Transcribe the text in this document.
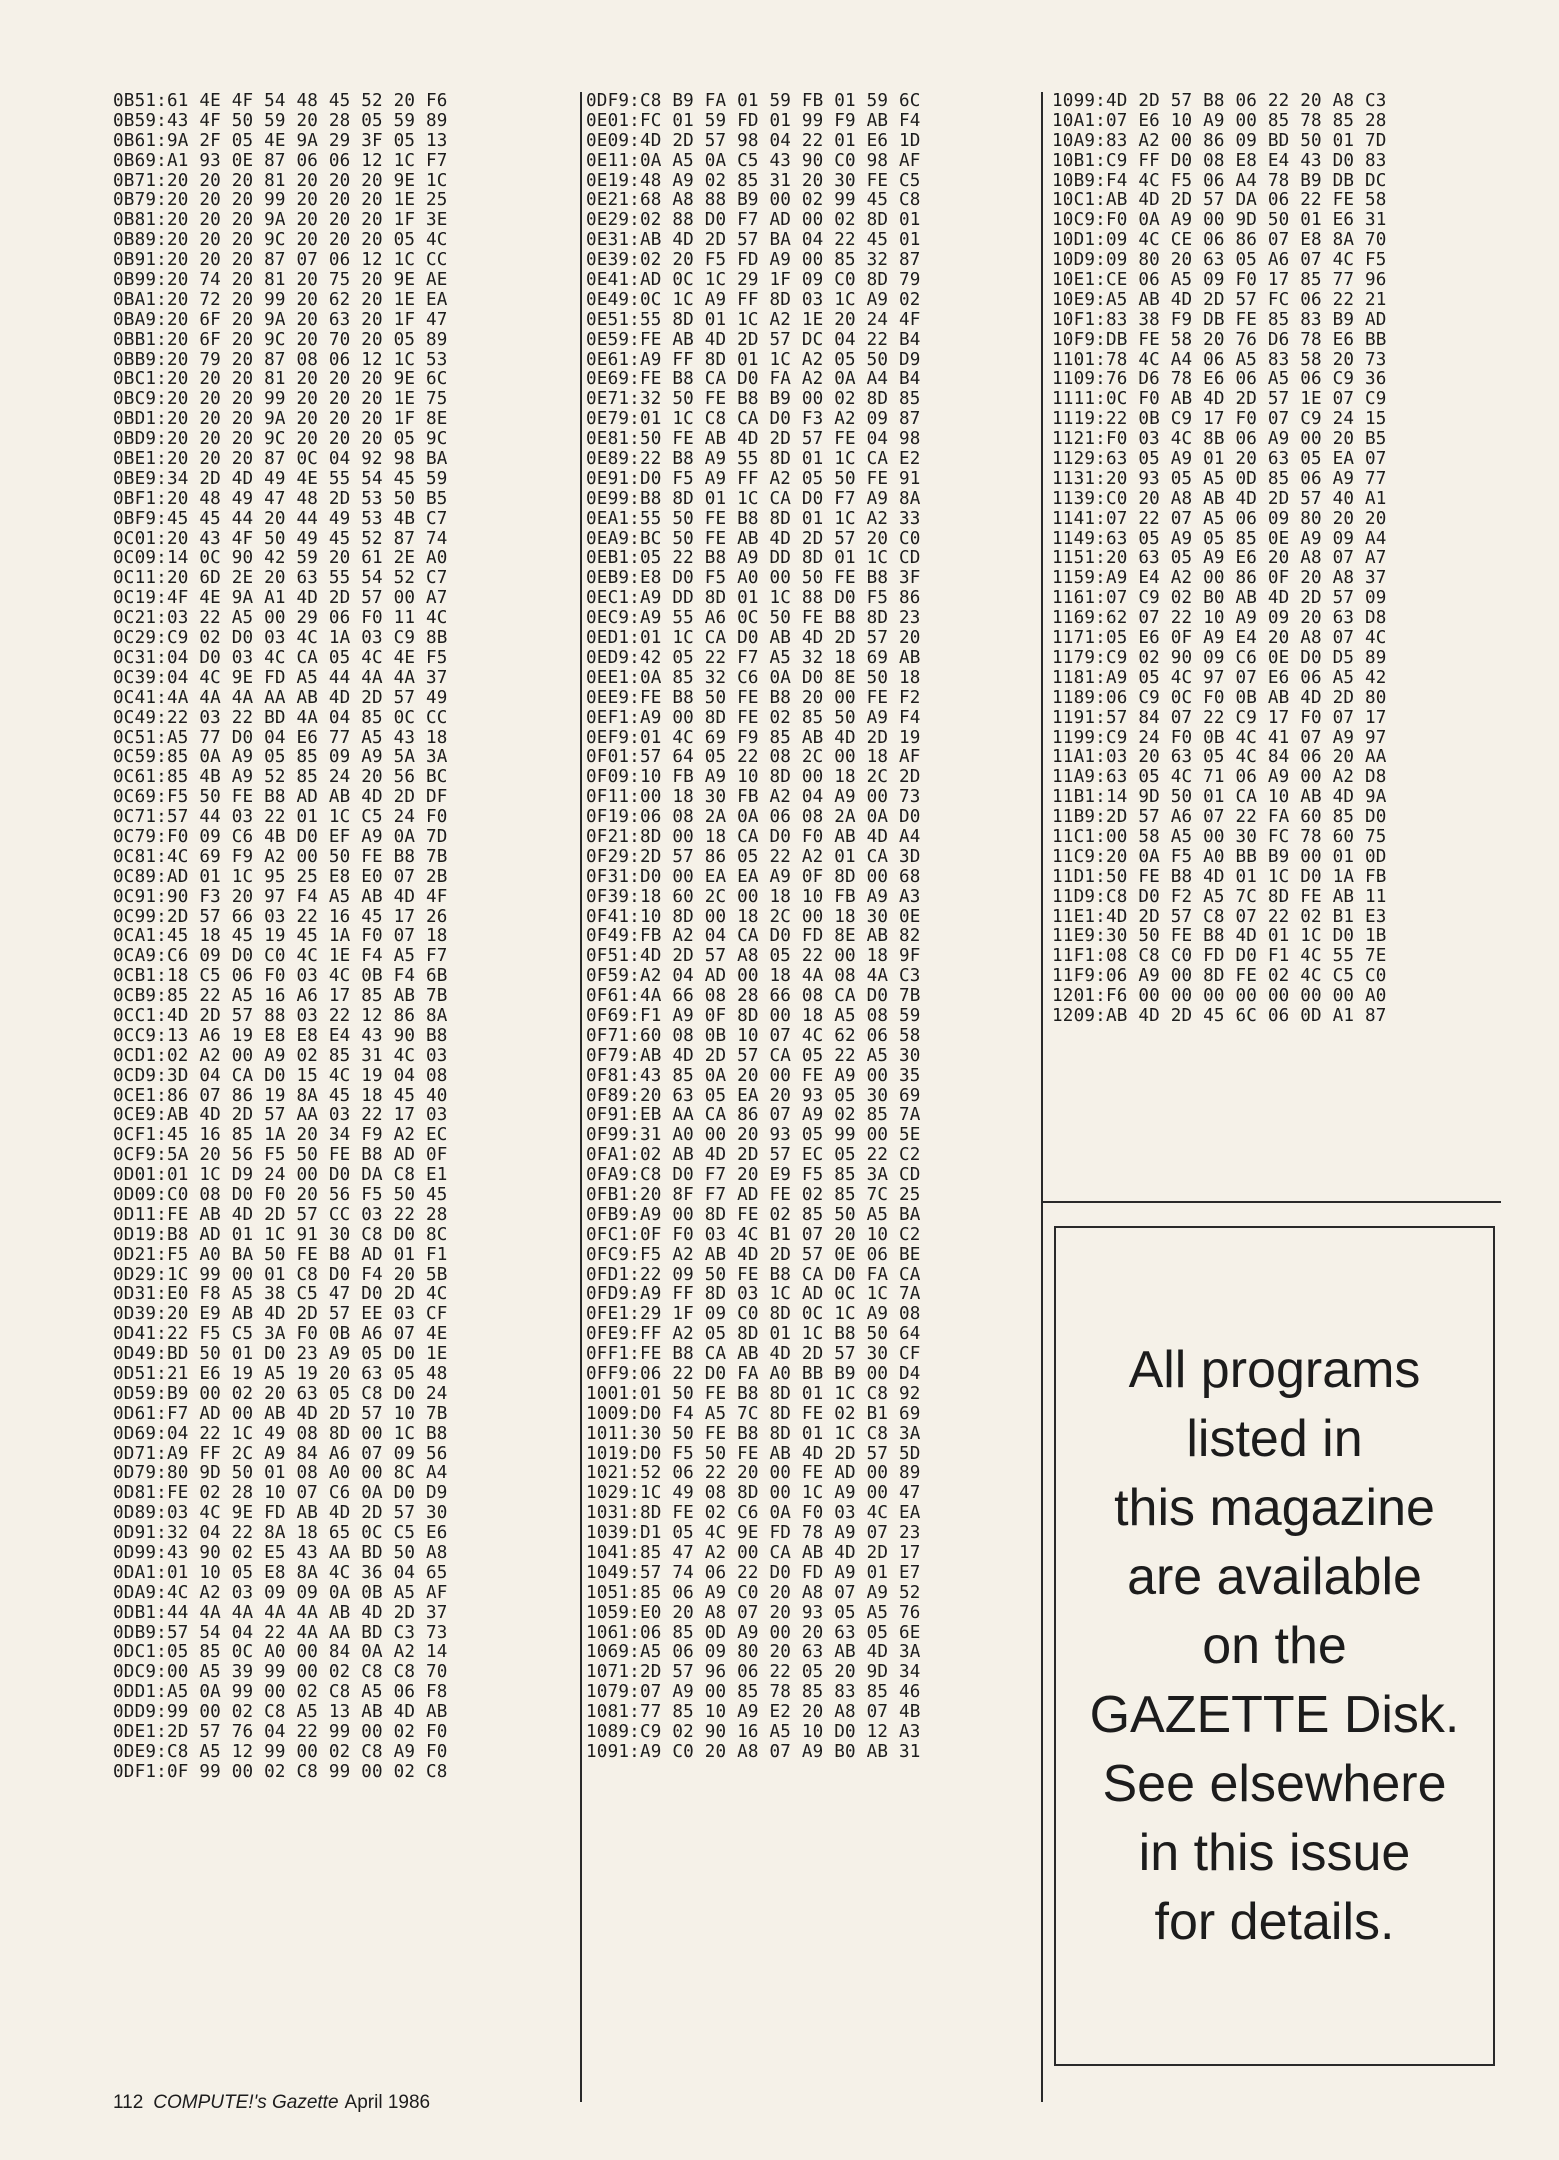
0B51:61 4E 4F 54 48 45 52 20 F6
0B59:43 4F 50 59 20 28 05 59 89
0B61:9A 2F 05 4E 9A 29 3F 05 13
0B69:A1 93 0E 87 06 06 12 1C F7
0B71:20 20 20 81 20 20 20 9E 1C
0B79:20 20 20 99 20 20 20 1E 25
0B81:20 20 20 9A 20 20 20 1F 3E
0B89:20 20 20 9C 20 20 20 05 4C
0B91:20 20 20 87 07 06 12 1C CC
0B99:20 74 20 81 20 75 20 9E AE
0BA1:20 72 20 99 20 62 20 1E EA
0BA9:20 6F 20 9A 20 63 20 1F 47
0BB1:20 6F 20 9C 20 70 20 05 89
0BB9:20 79 20 87 08 06 12 1C 53
0BC1:20 20 20 81 20 20 20 9E 6C
0BC9:20 20 20 99 20 20 20 1E 75
0BD1:20 20 20 9A 20 20 20 1F 8E
0BD9:20 20 20 9C 20 20 20 05 9C
0BE1:20 20 20 87 0C 04 92 98 BA
0BE9:34 2D 4D 49 4E 55 54 45 59
0BF1:20 48 49 47 48 2D 53 50 B5
0BF9:45 45 44 20 44 49 53 4B C7
0C01:20 43 4F 50 49 45 52 87 74
0C09:14 0C 90 42 59 20 61 2E A0
0C11:20 6D 2E 20 63 55 54 52 C7
0C19:4F 4E 9A A1 4D 2D 57 00 A7
0C21:03 22 A5 00 29 06 F0 11 4C
0C29:C9 02 D0 03 4C 1A 03 C9 8B
0C31:04 D0 03 4C CA 05 4C 4E F5
0C39:04 4C 9E FD A5 44 4A 4A 37
0C41:4A 4A 4A AA AB 4D 2D 57 49
0C49:22 03 22 BD 4A 04 85 0C CC
0C51:A5 77 D0 04 E6 77 A5 43 18
0C59:85 0A A9 05 85 09 A9 5A 3A
0C61:85 4B A9 52 85 24 20 56 BC
0C69:F5 50 FE B8 AD AB 4D 2D DF
0C71:57 44 03 22 01 1C C5 24 F0
0C79:F0 09 C6 4B D0 EF A9 0A 7D
0C81:4C 69 F9 A2 00 50 FE B8 7B
0C89:AD 01 1C 95 25 E8 E0 07 2B
0C91:90 F3 20 97 F4 A5 AB 4D 4F
0C99:2D 57 66 03 22 16 45 17 26
0CA1:45 18 45 19 45 1A F0 07 18
0CA9:C6 09 D0 C0 4C 1E F4 A5 F7
0CB1:18 C5 06 F0 03 4C 0B F4 6B
0CB9:85 22 A5 16 A6 17 85 AB 7B
0CC1:4D 2D 57 88 03 22 12 86 8A
0CC9:13 A6 19 E8 E8 E4 43 90 B8
0CD1:02 A2 00 A9 02 85 31 4C 03
0CD9:3D 04 CA D0 15 4C 19 04 08
0CE1:86 07 86 19 8A 45 18 45 40
0CE9:AB 4D 2D 57 AA 03 22 17 03
0CF1:45 16 85 1A 20 34 F9 A2 EC
0CF9:5A 20 56 F5 50 FE B8 AD 0F
0D01:01 1C D9 24 00 D0 DA C8 E1
0D09:C0 08 D0 F0 20 56 F5 50 45
0D11:FE AB 4D 2D 57 CC 03 22 28
0D19:B8 AD 01 1C 91 30 C8 D0 8C
0D21:F5 A0 BA 50 FE B8 AD 01 F1
0D29:1C 99 00 01 C8 D0 F4 20 5B
0D31:E0 F8 A5 38 C5 47 D0 2D 4C
0D39:20 E9 AB 4D 2D 57 EE 03 CF
0D41:22 F5 C5 3A F0 0B A6 07 4E
0D49:BD 50 01 D0 23 A9 05 D0 1E
0D51:21 E6 19 A5 19 20 63 05 48
0D59:B9 00 02 20 63 05 C8 D0 24
0D61:F7 AD 00 AB 4D 2D 57 10 7B
0D69:04 22 1C 49 08 8D 00 1C B8
0D71:A9 FF 2C A9 84 A6 07 09 56
0D79:80 9D 50 01 08 A0 00 8C A4
0D81:FE 02 28 10 07 C6 0A D0 D9
0D89:03 4C 9E FD AB 4D 2D 57 30
0D91:32 04 22 8A 18 65 0C C5 E6
0D99:43 90 02 E5 43 AA BD 50 A8
0DA1:01 10 05 E8 8A 4C 36 04 65
0DA9:4C A2 03 09 09 0A 0B A5 AF
0DB1:44 4A 4A 4A 4A AB 4D 2D 37
0DB9:57 54 04 22 4A AA BD C3 73
0DC1:05 85 0C A0 00 84 0A A2 14
0DC9:00 A5 39 99 00 02 C8 C8 70
0DD1:A5 0A 99 00 02 C8 A5 06 F8
0DD9:99 00 02 C8 A5 13 AB 4D AB
0DE1:2D 57 76 04 22 99 00 02 F0
0DE9:C8 A5 12 99 00 02 C8 A9 F0
0DF1:0F 99 00 02 C8 99 00 02 C8
0DF9:C8 B9 FA 01 59 FB 01 59 6C
0E01:FC 01 59 FD 01 99 F9 AB F4
0E09:4D 2D 57 98 04 22 01 E6 1D
0E11:0A A5 0A C5 43 90 C0 98 AF
0E19:48 A9 02 85 31 20 30 FE C5
0E21:68 A8 88 B9 00 02 99 45 C8
0E29:02 88 D0 F7 AD 00 02 8D 01
0E31:AB 4D 2D 57 BA 04 22 45 01
0E39:02 20 F5 FD A9 00 85 32 87
0E41:AD 0C 1C 29 1F 09 C0 8D 79
0E49:0C 1C A9 FF 8D 03 1C A9 02
0E51:55 8D 01 1C A2 1E 20 24 4F
0E59:FE AB 4D 2D 57 DC 04 22 B4
0E61:A9 FF 8D 01 1C A2 05 50 D9
0E69:FE B8 CA D0 FA A2 0A A4 B4
0E71:32 50 FE B8 B9 00 02 8D 85
0E79:01 1C C8 CA D0 F3 A2 09 87
0E81:50 FE AB 4D 2D 57 FE 04 98
0E89:22 B8 A9 55 8D 01 1C CA E2
0E91:D0 F5 A9 FF A2 05 50 FE 91
0E99:B8 8D 01 1C CA D0 F7 A9 8A
0EA1:55 50 FE B8 8D 01 1C A2 33
0EA9:BC 50 FE AB 4D 2D 57 20 C0
0EB1:05 22 B8 A9 DD 8D 01 1C CD
0EB9:E8 D0 F5 A0 00 50 FE B8 3F
0EC1:A9 DD 8D 01 1C 88 D0 F5 86
0EC9:A9 55 A6 0C 50 FE B8 8D 23
0ED1:01 1C CA D0 AB 4D 2D 57 20
0ED9:42 05 22 F7 A5 32 18 69 AB
0EE1:0A 85 32 C6 0A D0 8E 50 18
0EE9:FE B8 50 FE B8 20 00 FE F2
0EF1:A9 00 8D FE 02 85 50 A9 F4
0EF9:01 4C 69 F9 85 AB 4D 2D 19
0F01:57 64 05 22 08 2C 00 18 AF
0F09:10 FB A9 10 8D 00 18 2C 2D
0F11:00 18 30 FB A2 04 A9 00 73
0F19:06 08 2A 0A 06 08 2A 0A D0
0F21:8D 00 18 CA D0 F0 AB 4D A4
0F29:2D 57 86 05 22 A2 01 CA 3D
0F31:D0 00 EA EA A9 0F 8D 00 68
0F39:18 60 2C 00 18 10 FB A9 A3
0F41:10 8D 00 18 2C 00 18 30 0E
0F49:FB A2 04 CA D0 FD 8E AB 82
0F51:4D 2D 57 A8 05 22 00 18 9F
0F59:A2 04 AD 00 18 4A 08 4A C3
0F61:4A 66 08 28 66 08 CA D0 7B
0F69:F1 A9 0F 8D 00 18 A5 08 59
0F71:60 08 0B 10 07 4C 62 06 58
0F79:AB 4D 2D 57 CA 05 22 A5 30
0F81:43 85 0A 20 00 FE A9 00 35
0F89:20 63 05 EA 20 93 05 30 69
0F91:EB AA CA 86 07 A9 02 85 7A
0F99:31 A0 00 20 93 05 99 00 5E
0FA1:02 AB 4D 2D 57 EC 05 22 C2
0FA9:C8 D0 F7 20 E9 F5 85 3A CD
0FB1:20 8F F7 AD FE 02 85 7C 25
0FB9:A9 00 8D FE 02 85 50 A5 BA
0FC1:0F F0 03 4C B1 07 20 10 C2
0FC9:F5 A2 AB 4D 2D 57 0E 06 BE
0FD1:22 09 50 FE B8 CA D0 FA CA
0FD9:A9 FF 8D 03 1C AD 0C 1C 7A
0FE1:29 1F 09 C0 8D 0C 1C A9 08
0FE9:FF A2 05 8D 01 1C B8 50 64
0FF1:FE B8 CA AB 4D 2D 57 30 CF
0FF9:06 22 D0 FA A0 BB B9 00 D4
1001:01 50 FE B8 8D 01 1C C8 92
1009:D0 F4 A5 7C 8D FE 02 B1 69
1011:30 50 FE B8 8D 01 1C C8 3A
1019:D0 F5 50 FE AB 4D 2D 57 5D
1021:52 06 22 20 00 FE AD 00 89
1029:1C 49 08 8D 00 1C A9 00 47
1031:8D FE 02 C6 0A F0 03 4C EA
1039:D1 05 4C 9E FD 78 A9 07 23
1041:85 47 A2 00 CA AB 4D 2D 17
1049:57 74 06 22 D0 FD A9 01 E7
1051:85 06 A9 C0 20 A8 07 A9 52
1059:E0 20 A8 07 20 93 05 A5 76
1061:06 85 0D A9 00 20 63 05 6E
1069:A5 06 09 80 20 63 AB 4D 3A
1071:2D 57 96 06 22 05 20 9D 34
1079:07 A9 00 85 78 85 83 85 46
1081:77 85 10 A9 E2 20 A8 07 4B
1089:C9 02 90 16 A5 10 D0 12 A3
1091:A9 C0 20 A8 07 A9 B0 AB 31
1099:4D 2D 57 B8 06 22 20 A8 C3
10A1:07 E6 10 A9 00 85 78 85 28
10A9:83 A2 00 86 09 BD 50 01 7D
10B1:C9 FF D0 08 E8 E4 43 D0 83
10B9:F4 4C F5 06 A4 78 B9 DB DC
10C1:AB 4D 2D 57 DA 06 22 FE 58
10C9:F0 0A A9 00 9D 50 01 E6 31
10D1:09 4C CE 06 86 07 E8 8A 70
10D9:09 80 20 63 05 A6 07 4C F5
10E1:CE 06 A5 09 F0 17 85 77 96
10E9:A5 AB 4D 2D 57 FC 06 22 21
10F1:83 38 F9 DB FE 85 83 B9 AD
10F9:DB FE 58 20 76 D6 78 E6 BB
1101:78 4C A4 06 A5 83 58 20 73
1109:76 D6 78 E6 06 A5 06 C9 36
1111:0C F0 AB 4D 2D 57 1E 07 C9
1119:22 0B C9 17 F0 07 C9 24 15
1121:F0 03 4C 8B 06 A9 00 20 B5
1129:63 05 A9 01 20 63 05 EA 07
1131:20 93 05 A5 0D 85 06 A9 77
1139:C0 20 A8 AB 4D 2D 57 40 A1
1141:07 22 07 A5 06 09 80 20 20
1149:63 05 A9 05 85 0E A9 09 A4
1151:20 63 05 A9 E6 20 A8 07 A7
1159:A9 E4 A2 00 86 0F 20 A8 37
1161:07 C9 02 B0 AB 4D 2D 57 09
1169:62 07 22 10 A9 09 20 63 D8
1171:05 E6 0F A9 E4 20 A8 07 4C
1179:C9 02 90 09 C6 0E D0 D5 89
1181:A9 05 4C 97 07 E6 06 A5 42
1189:06 C9 0C F0 0B AB 4D 2D 80
1191:57 84 07 22 C9 17 F0 07 17
1199:C9 24 F0 0B 4C 41 07 A9 97
11A1:03 20 63 05 4C 84 06 20 AA
11A9:63 05 4C 71 06 A9 00 A2 D8
11B1:14 9D 50 01 CA 10 AB 4D 9A
11B9:2D 57 A6 07 22 FA 60 85 D0
11C1:00 58 A5 00 30 FC 78 60 75
11C9:20 0A F5 A0 BB B9 00 01 0D
11D1:50 FE B8 4D 01 1C D0 1A FB
11D9:C8 D0 F2 A5 7C 8D FE AB 11
11E1:4D 2D 57 C8 07 22 02 B1 E3
11E9:30 50 FE B8 4D 01 1C D0 1B
11F1:08 C8 C0 FD D0 F1 4C 55 7E
11F9:06 A9 00 8D FE 02 4C C5 C0
1201:F6 00 00 00 00 00 00 00 A0
1209:AB 4D 2D 45 6C 06 0D A1 87
All programs
listed in
this magazine
are available
on the
GAZETTE Disk.
See elsewhere
in this issue
for details.
112 COMPUTE!'s Gazette April 1986
